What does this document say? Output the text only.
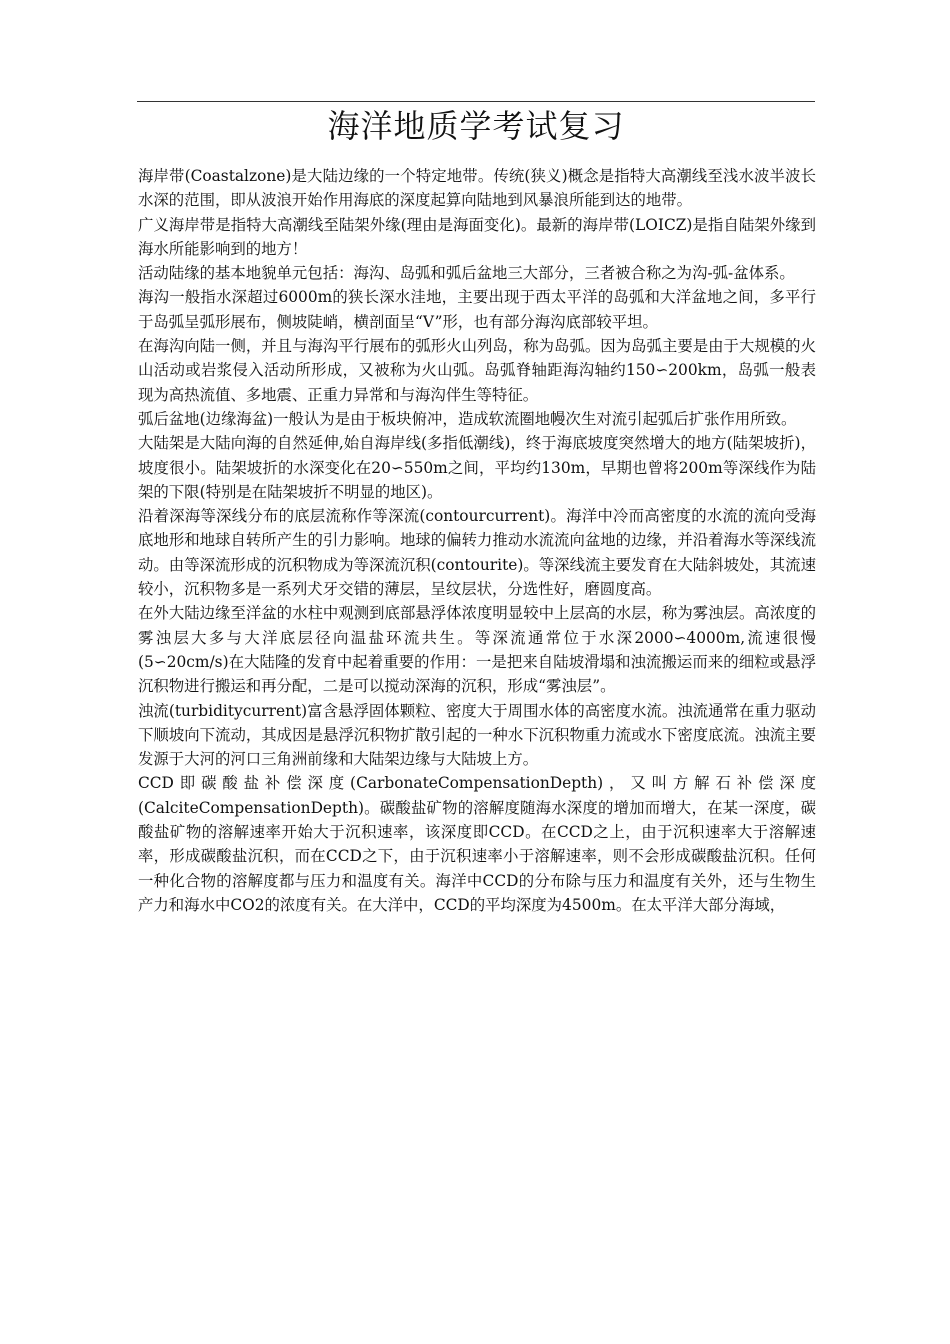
海洋地质学考试复习

海岸带(Coastalzone)是大陆边缘的一个特定地带。传统(狭义)概念是指特大高潮线至浅水波半波长水深的范围，即从波浪开始作用海底的深度起算向陆地到风暴浪所能到达的地带。

广义海岸带是指特大高潮线至陆架外缘(理由是海面变化)。最新的海岸带(LOICZ)是指自陆架外缘到海水所能影响到的地方！

活动陆缘的基本地貌单元包括：海沟、岛弧和弧后盆地三大部分，三者被合称之为沟-弧-盆体系。

海沟一般指水深超过6000m的狭长深水洼地，主要出现于西太平洋的岛弧和大洋盆地之间，多平行于岛弧呈弧形展布，侧坡陡峭，横剖面呈“V”形，也有部分海沟底部较平坦。

在海沟向陆一侧，并且与海沟平行展布的弧形火山列岛，称为岛弧。因为岛弧主要是由于大规模的火山活动或岩浆侵入活动所形成，又被称为火山弧。岛弧脊轴距海沟轴约150∽200km，岛弧一般表现为高热流值、多地震、正重力异常和与海沟伴生等特征。

弧后盆地(边缘海盆)一般认为是由于板块俯冲，造成软流圈地幔次生对流引起弧后扩张作用所致。

大陆架是大陆向海的自然延伸,始自海岸线(多指低潮线)，终于海底坡度突然增大的地方(陆架坡折)，坡度很小。陆架坡折的水深变化在20∽550m之间，平均约130m，早期也曾将200m等深线作为陆架的下限(特别是在陆架坡折不明显的地区)。

沿着深海等深线分布的底层流称作等深流(contourcurrent)。海洋中冷而高密度的水流的流向受海底地形和地球自转所产生的引力影响。地球的偏转力推动水流流向盆地的边缘，并沿着海水等深线流动。由等深流形成的沉积物成为等深流沉积(contourite)。等深线流主要发育在大陆斜坡处，其流速较小，沉积物多是一系列犬牙交错的薄层，呈纹层状，分选性好，磨圆度高。

在外大陆边缘至洋盆的水柱中观测到底部悬浮体浓度明显较中上层高的水层，称为雾浊层。高浓度的雾浊层大多与大洋底层径向温盐环流共生。等深流通常位于水深2000∽4000m,流速很慢(5∽20cm/s)在大陆隆的发育中起着重要的作用：一是把来自陆坡滑塌和浊流搬运而来的细粒或悬浮沉积物进行搬运和再分配，二是可以搅动深海的沉积，形成“雾浊层”。

浊流(turbiditycurrent)富含悬浮固体颗粒、密度大于周围水体的高密度水流。浊流通常在重力驱动下顺坡向下流动，其成因是悬浮沉积物扩散引起的一种水下沉积物重力流或水下密度底流。浊流主要发源于大河的河口三角洲前缘和大陆架边缘与大陆坡上方。

CCD即碳酸盐补偿深度(CarbonateCompensationDepth)，又叫方解石补偿深度(CalciteCompensationDepth)。碳酸盐矿物的溶解度随海水深度的增加而增大，在某一深度，碳酸盐矿物的溶解速率开始大于沉积速率，该深度即CCD。在CCD之上，由于沉积速率大于溶解速率，形成碳酸盐沉积，而在CCD之下，由于沉积速率小于溶解速率，则不会形成碳酸盐沉积。任何一种化合物的溶解度都与压力和温度有关。海洋中CCD的分布除与压力和温度有关外，还与生物生产力和海水中CO2的浓度有关。在大洋中，CCD的平均深度为4500m。在太平洋大部分海域，
